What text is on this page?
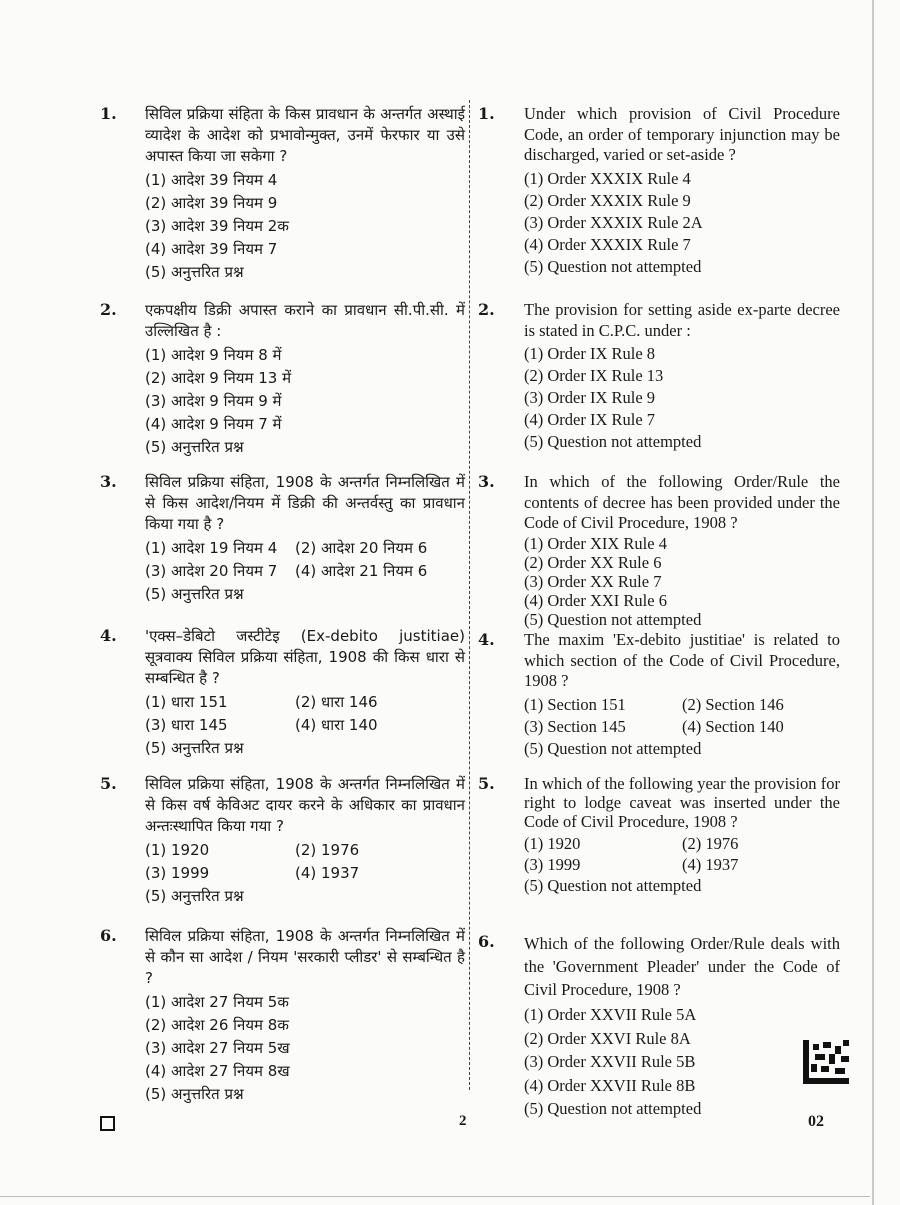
1. सिविल प्रक्रिया संहिता के किस प्रावधान के अन्तर्गत अस्थाई व्यादेश के आदेश को प्रभावोन्मुक्त, उनमें फेरफार या उसे अपास्त किया जा सकेगा ?
(1) आदेश 39 नियम 4
(2) आदेश 39 नियम 9
(3) आदेश 39 नियम 2क
(4) आदेश 39 नियम 7
(5) अनुत्तरित प्रश्न
2. एकपक्षीय डिक्री अपास्त कराने का प्रावधान सी.पी.सी. में उल्लिखित है :
(1) आदेश 9 नियम 8 में
(2) आदेश 9 नियम 13 में
(3) आदेश 9 नियम 9 में
(4) आदेश 9 नियम 7 में
(5) अनुत्तरित प्रश्न
3. सिविल प्रक्रिया संहिता, 1908 के अन्तर्गत निम्नलिखित में से किस आदेश/नियम में डिक्री की अन्तर्वस्तु का प्रावधान किया गया है ?
(1) आदेश 19 नियम 4	(2) आदेश 20 नियम 6
(3) आदेश 20 नियम 7	(4) आदेश 21 नियम 6
(5) अनुत्तरित प्रश्न
4. 'एक्स–डेबिटो जस्टीटेइ (Ex-debito justitiae) सूत्रवाक्य सिविल प्रक्रिया संहिता, 1908 की किस धारा से सम्बन्धित है ?
(1) धारा 151	(2) धारा 146
(3) धारा 145	(4) धारा 140
(5) अनुत्तरित प्रश्न
5. सिविल प्रक्रिया संहिता, 1908 के अन्तर्गत निम्नलिखित में से किस वर्ष केविअट दायर करने के अधिकार का प्रावधान अन्तःस्थापित किया गया ?
(1) 1920	(2) 1976
(3) 1999	(4) 1937
(5) अनुत्तरित प्रश्न
6. सिविल प्रक्रिया संहिता, 1908 के अन्तर्गत निम्नलिखित में से कौन सा आदेश / नियम 'सरकारी प्लीडर' से सम्बन्धित है ?
(1) आदेश 27 नियम 5क
(2) आदेश 26 नियम 8क
(3) आदेश 27 नियम 5ख
(4) आदेश 27 नियम 8ख
(5) अनुत्तरित प्रश्न
1. Under which provision of Civil Procedure Code, an order of temporary injunction may be discharged, varied or set-aside ?
(1) Order XXXIX Rule 4
(2) Order XXXIX Rule 9
(3) Order XXXIX Rule 2A
(4) Order XXXIX Rule 7
(5) Question not attempted
2. The provision for setting aside ex-parte decree is stated in C.P.C. under :
(1) Order IX Rule 8
(2) Order IX Rule 13
(3) Order IX Rule 9
(4) Order IX Rule 7
(5) Question not attempted
3. In which of the following Order/Rule the contents of decree has been provided under the Code of Civil Procedure, 1908 ?
(1) Order XIX Rule 4
(2) Order XX Rule 6
(3) Order XX Rule 7
(4) Order XXI Rule 6
(5) Question not attempted
4. The maxim 'Ex-debito justitiae' is related to which section of the Code of Civil Procedure, 1908 ?
(1) Section 151	(2) Section 146
(3) Section 145	(4) Section 140
(5) Question not attempted
5. In which of the following year the provision for right to lodge caveat was inserted under the Code of Civil Procedure, 1908 ?
(1) 1920	(2) 1976
(3) 1999	(4) 1937
(5) Question not attempted
6. Which of the following Order/Rule deals with the 'Government Pleader' under the Code of Civil Procedure, 1908 ?
(1) Order XXVII Rule 5A
(2) Order XXVI Rule 8A
(3) Order XXVII Rule 5B
(4) Order XXVII Rule 8B
(5) Question not attempted
2	02
